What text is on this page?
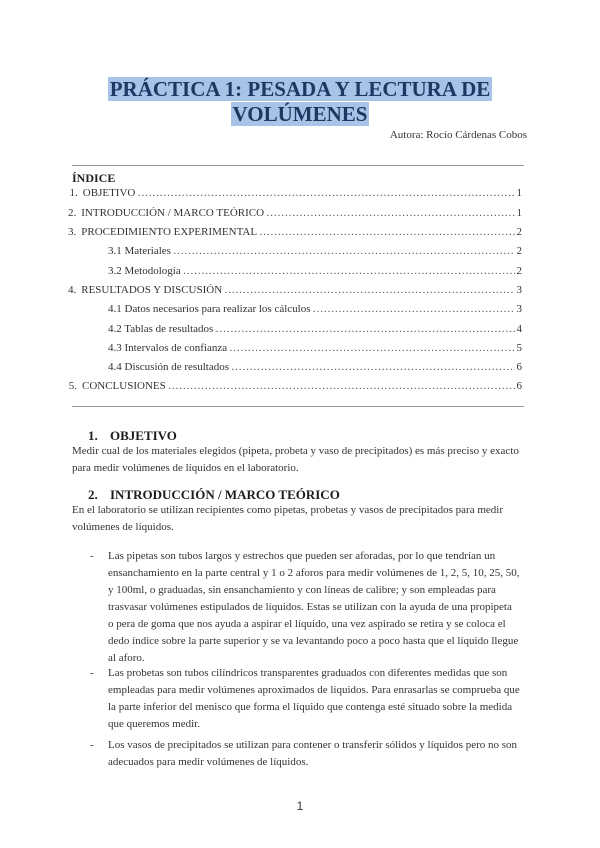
PRÁCTICA 1: PESADA Y LECTURA DE
VOLÚMENES
Autora: Rocío Cárdenas Cobos
ÍNDICE
1. OBJETIVO …………………………………………………………………………………………………………………………………………………………………………………………	1
2. INTRODUCCIÓN / MARCO TEÓRICO …………………………………………………………………………………………………………………………………………………………………………………………	1
3. PROCEDIMIENTO EXPERIMENTAL …………………………………………………………………………………………………………………………………………………………………………………………	2
3.1 Materiales …………………………………………………………………………………………………………………………………………………………………………………………	2
3.2 Metodología …………………………………………………………………………………………………………………………………………………………………………………………	2
4. RESULTADOS Y DISCUSIÓN …………………………………………………………………………………………………………………………………………………………………………………………	3
4.1 Datos necesarios para realizar los cálculos …………………………………………………………………………………………………………………………………………………………………………………………	3
4.2 Tablas de resultados …………………………………………………………………………………………………………………………………………………………………………………………	4
4.3 Intervalos de confianza …………………………………………………………………………………………………………………………………………………………………………………………	5
4.4 Discusión de resultados …………………………………………………………………………………………………………………………………………………………………………………………	6
5. CONCLUSIONES …………………………………………………………………………………………………………………………………………………………………………………………	6
1. OBJETIVO
Medir cual de los materiales elegidos (pipeta, probeta y vaso de precipitados) es más preciso y exacto para medir volúmenes de líquidos en el laboratorio.
2. INTRODUCCIÓN / MARCO TEÓRICO
En el laboratorio se utilizan recipientes como pipetas, probetas y vasos de precipitados para medir volúmenes de líquidos.
- Las pipetas son tubos largos y estrechos que pueden ser aforadas, por lo que tendrían un ensanchamiento en la parte central y 1 o 2 aforos para medir volúmenes de 1, 2, 5, 10, 25, 50, y 100ml, o graduadas, sin ensanchamiento y con líneas de calibre; y son empleadas para trasvasar volúmenes estipulados de líquidos. Estas se utilizan con la ayuda de una propipeta o pera de goma que nos ayuda a aspirar el líquido, una vez aspirado se retira y se coloca el dedo índice sobre la parte superior y se va levantando poco a poco hasta que el líquido llegue al aforo.
- Las probetas son tubos cilíndricos transparentes graduados con diferentes medidas que son empleadas para medir volúmenes aproximados de líquidos. Para enrasarlas se comprueba que la parte inferior del menisco que forma el líquido que contenga esté situado sobre la medida que queremos medir.
- Los vasos de precipitados se utilizan para contener o transferir sólidos y líquidos pero no son adecuados para medir volúmenes de líquidos.
1
